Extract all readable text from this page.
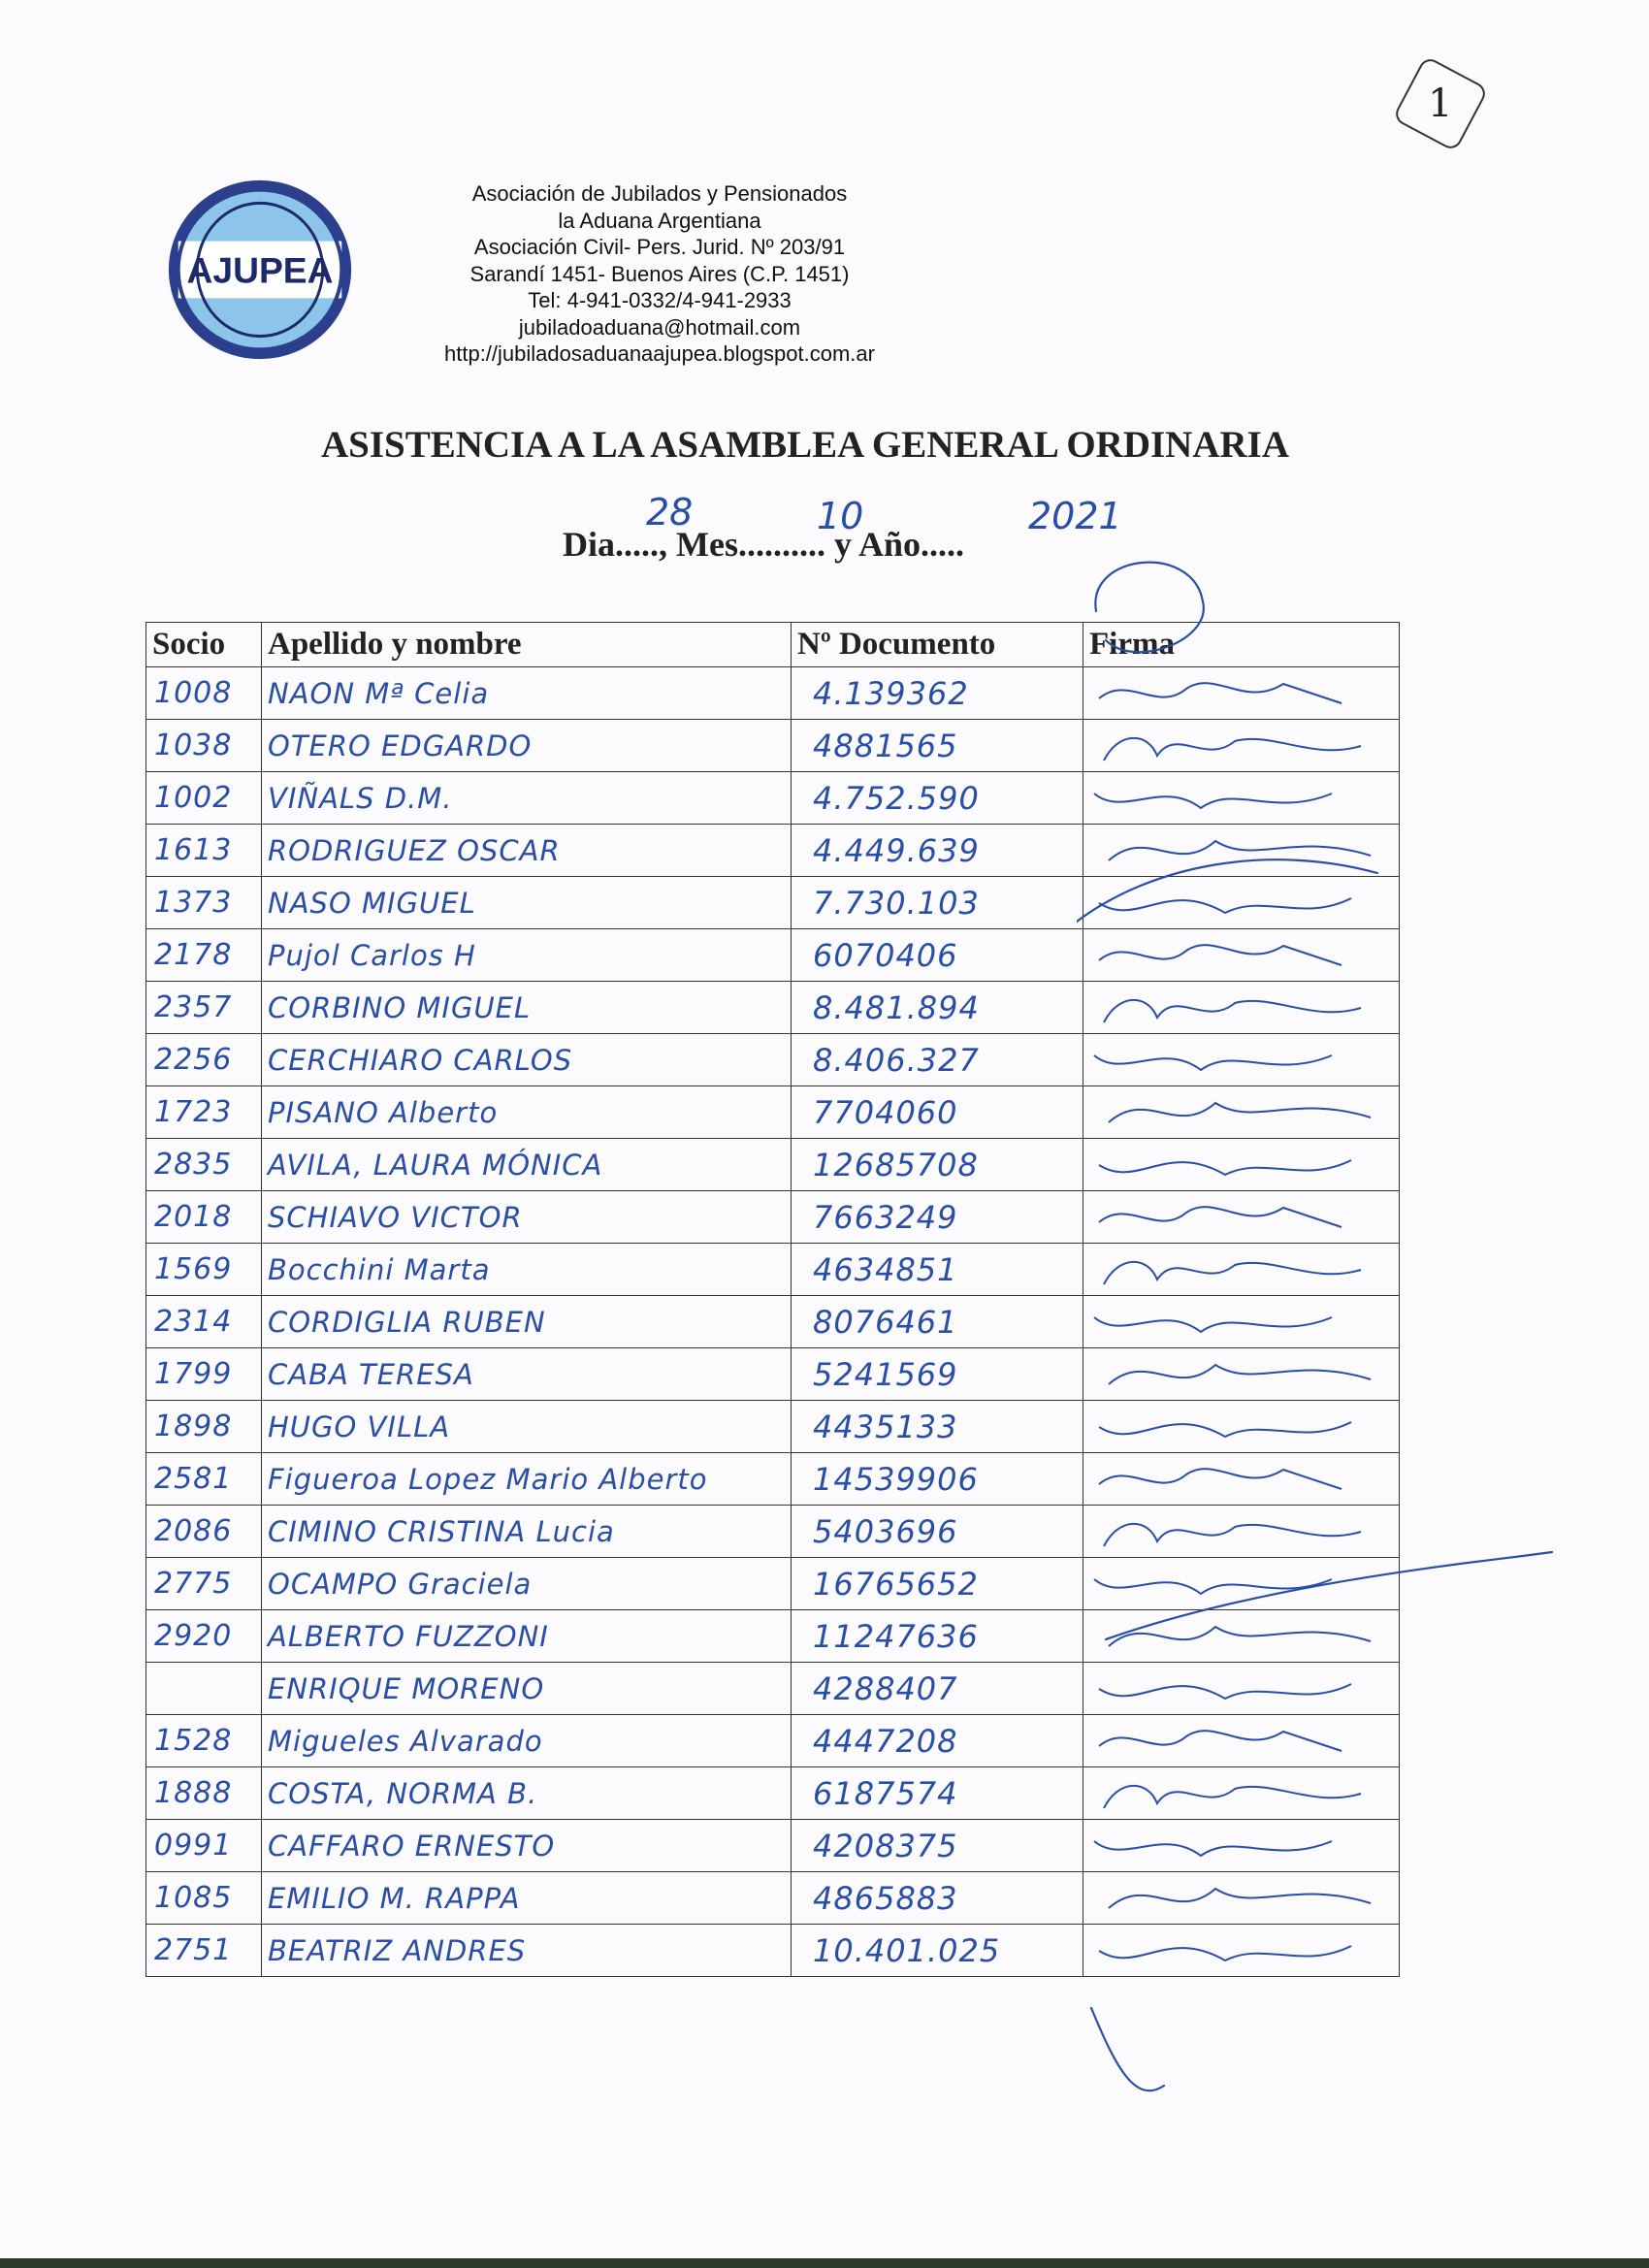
1
AJUPEA
Asociación de Jubilados y Pensionados
la Aduana Argentiana
Asociación Civil- Pers. Jurid. Nº 203/91
Sarandí 1451- Buenos Aires (C.P. 1451)
Tel: 4-941-0332/4-941-2933
jubiladoaduana@hotmail.com
http://jubiladosaduanaajupea.blogspot.com.ar
ASISTENCIA A LA ASAMBLEA GENERAL ORDINARIA
Dia....., Mes.......... y Año.....
28	10	2021
Socio	Apellido y nombre	Nº Documento	Firma
1008	NAON Mª Celia	4.139362	

1038	OTERO EDGARDO	4881565	

1002	VIÑALS D.M.	4.752.590	

1613	RODRIGUEZ OSCAR	4.449.639	

1373	NASO MIGUEL	7.730.103	

2178	Pujol Carlos H	6070406	

2357	CORBINO MIGUEL	8.481.894	

2256	CERCHIARO CARLOS	8.406.327	

1723	PISANO Alberto	7704060	

2835	AVILA, LAURA MÓNICA	12685708	

2018	SCHIAVO VICTOR	7663249	

1569	Bocchini Marta	4634851	

2314	CORDIGLIA RUBEN	8076461	

1799	CABA TERESA	5241569	

1898	HUGO VILLA	4435133	

2581	Figueroa Lopez Mario Alberto	14539906	

2086	CIMINO CRISTINA Lucia	5403696	

2775	OCAMPO Graciela	16765652	

2920	ALBERTO FUZZONI	11247636	

	ENRIQUE MORENO	4288407	

1528	Migueles Alvarado	4447208	

1888	COSTA, NORMA B.	6187574	

0991	CAFFARO ERNESTO	4208375	

1085	EMILIO M. RAPPA	4865883	

2751	BEATRIZ ANDRES	10.401.025	
